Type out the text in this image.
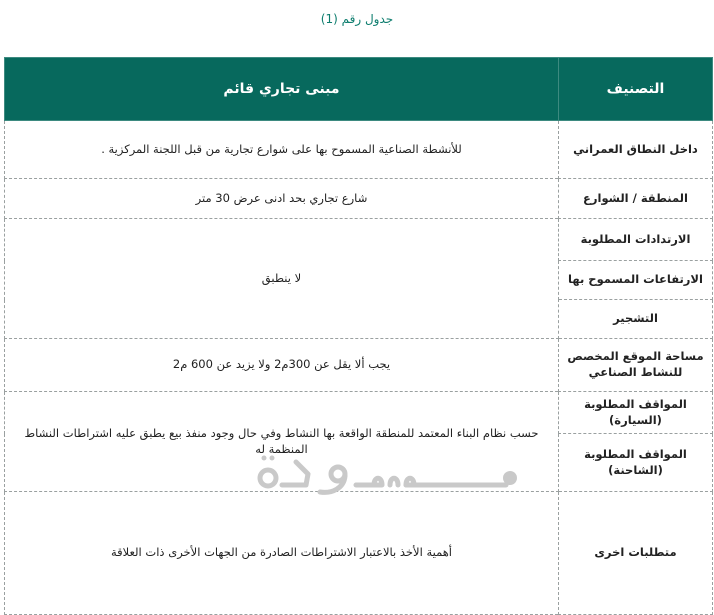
جدول رقم (1)
التصنيف	مبنى تجاري قائم
داخل النطاق العمراني	للأنشطة الصناعية المسموح بها على شوارع تجارية من قبل اللجنة المركزية .
المنطقة / الشوارع	شارع تجاري بحد ادنى عرض 30 متر
الارتدادات المطلوبة	لا ينطبق
الارتفاعات المسموح بها	
التشجير	
مساحة الموقع المخصص للنشاط الصناعي	يجب ألا يقل عن 300م2 ولا يزيد عن 600 م2
المواقف المطلوبة (السيارة)	حسب نظام البناء المعتمد للمنطقة الواقعة بها النشاط وفي حال وجود منفذ بيع يطبق عليه اشتراطات النشاط المنظمة له
المواقف المطلوبة (الشاحنة)	
متطلبات اخرى	أهمية الأخذ بالاعتبار الاشتراطات الصادرة من الجهات الأخرى ذات العلاقة
